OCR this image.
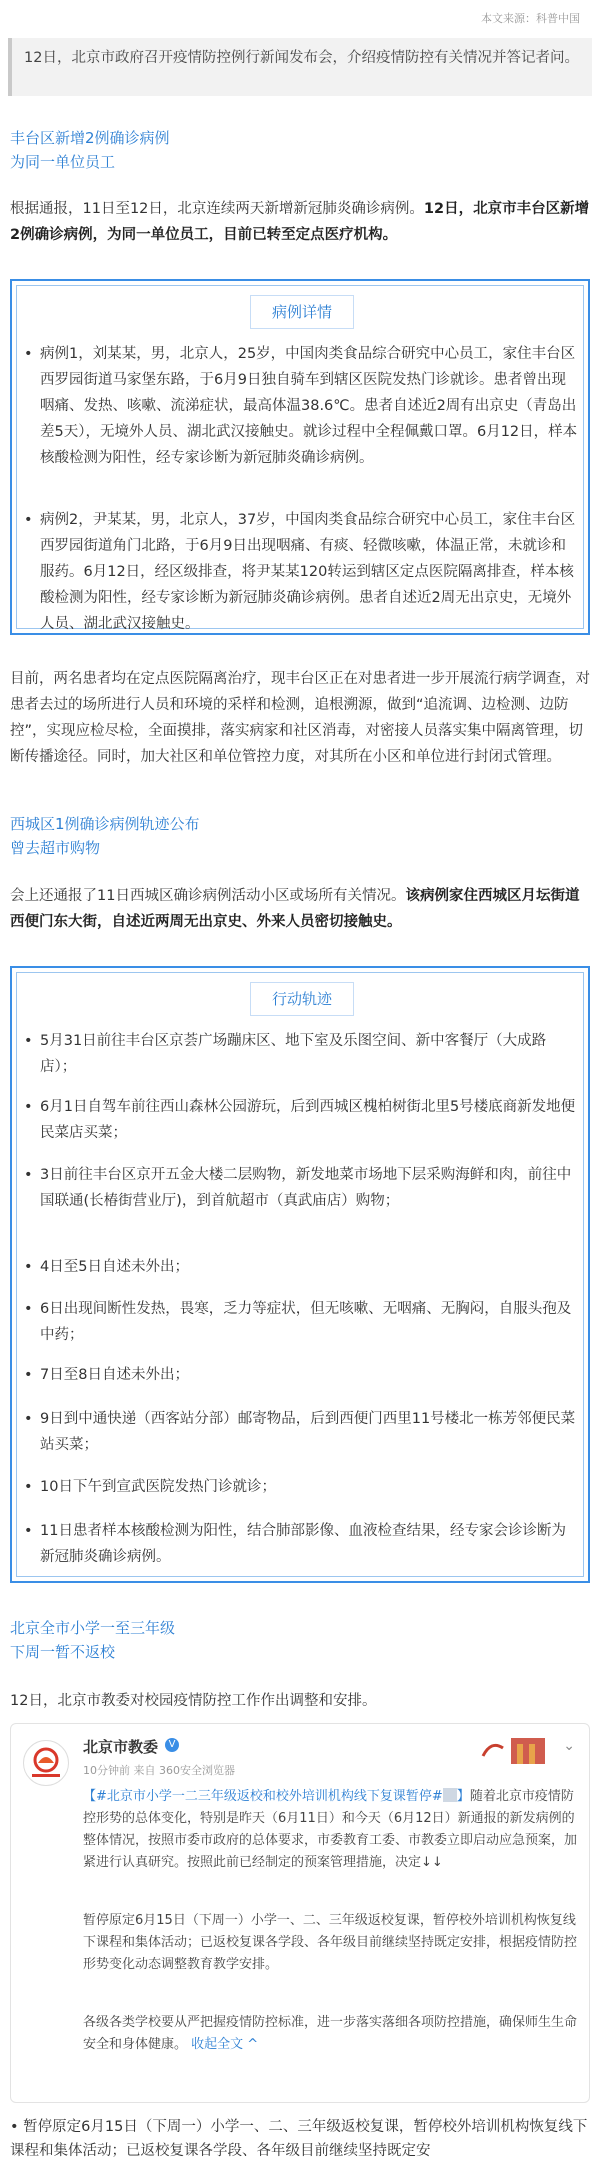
本文来源：科普中国
12日，北京市政府召开疫情防控例行新闻发布会，介绍疫情防控有关情况并答记者问。
丰台区新增2例确诊病例
为同一单位员工

根据通报，11日至12日，北京连续两天新增新冠肺炎确诊病例。12日，北京市丰台区新增2例确诊病例，为同一单位员工，目前已转至定点医疗机构。

病例详情
• 病例1，刘某某，男，北京人，25岁，中国肉类食品综合研究中心员工，家住丰台区西罗园街道马家堡东路，于6月9日独自骑车到辖区医院发热门诊就诊。患者曾出现咽痛、发热、咳嗽、流涕症状，最高体温38.6℃。患者自述近2周有出京史（青岛出差5天），无境外人员、湖北武汉接触史。就诊过程中全程佩戴口罩。6月12日，样本核酸检测为阳性，经专家诊断为新冠肺炎确诊病例。
• 病例2，尹某某，男，北京人，37岁，中国肉类食品综合研究中心员工，家住丰台区西罗园街道角门北路，于6月9日出现咽痛、有痰、轻微咳嗽，体温正常，未就诊和服药。6月12日，经区级排查，将尹某某120转运到辖区定点医院隔离排查，样本核酸检测为阳性，经专家诊断为新冠肺炎确诊病例。患者自述近2周无出京史，无境外人员、湖北武汉接触史。

目前，两名患者均在定点医院隔离治疗，现丰台区正在对患者进一步开展流行病学调查，对患者去过的场所进行人员和环境的采样和检测，追根溯源，做到“追流调、边检测、边防控”，实现应检尽检，全面摸排，落实病家和社区消毒，对密接人员落实集中隔离管理，切断传播途径。同时，加大社区和单位管控力度，对其所在小区和单位进行封闭式管理。

西城区1例确诊病例轨迹公布
曾去超市购物

会上还通报了11日西城区确诊病例活动小区或场所有关情况。该病例家住西城区月坛街道西便门东大街，自述近两周无出京史、外来人员密切接触史。

行动轨迹
• 5月31日前往丰台区京荟广场蹦床区、地下室及乐图空间、新中客餐厅（大成路店）；
• 6月1日自驾车前往西山森林公园游玩，后到西城区槐柏树街北里5号楼底商新发地便民菜店买菜；
• 3日前往丰台区京开五金大楼二层购物，新发地菜市场地下层采购海鲜和肉，前往中国联通(长椿街营业厅)，到首航超市（真武庙店）购物；
• 4日至5日自述未外出；
• 6日出现间断性发热，畏寒，乏力等症状，但无咳嗽、无咽痛、无胸闷，自服头孢及中药；
• 7日至8日自述未外出；
• 9日到中通快递（西客站分部）邮寄物品，后到西便门西里11号楼北一栋芳邻便民菜站买菜；
• 10日下午到宣武医院发热门诊就诊；
• 11日患者样本核酸检测为阳性，结合肺部影像、血液检查结果，经专家会诊诊断为新冠肺炎确诊病例。
北京全市小学一至三年级
下周一暂不返校

12日，北京市教委对校园疫情防控工作作出调整和安排。

北京市教委	V
10分钟前 来自 360安全浏览器
⌄
【#北京市小学一二三年级返校和校外培训机构线下复课暂停# 】随着北京市疫情防控形势的总体变化，特别是昨天（6月11日）和今天（6月12日）新通报的新发病例的整体情况，按照市委市政府的总体要求，市委教育工委、市教委立即启动应急预案，加紧进行认真研究。按照此前已经制定的预案管理措施，决定↓↓
暂停原定6月15日（下周一）小学一、二、三年级返校复课，暂停校外培训机构恢复线下课程和集体活动；已返校复课各学段、各年级目前继续坚持既定安排，根据疫情防控形势变化动态调整教育教学安排。
各级各类学校要从严把握疫情防控标准，进一步落实落细各项防控措施，确保师生生命安全和身体健康。 收起全文 ^
• 暂停原定6月15日（下周一）小学一、二、三年级返校复课，暂停校外培训机构恢复线下课程和集体活动；已返校复课各学段、各年级目前继续坚持既定安
